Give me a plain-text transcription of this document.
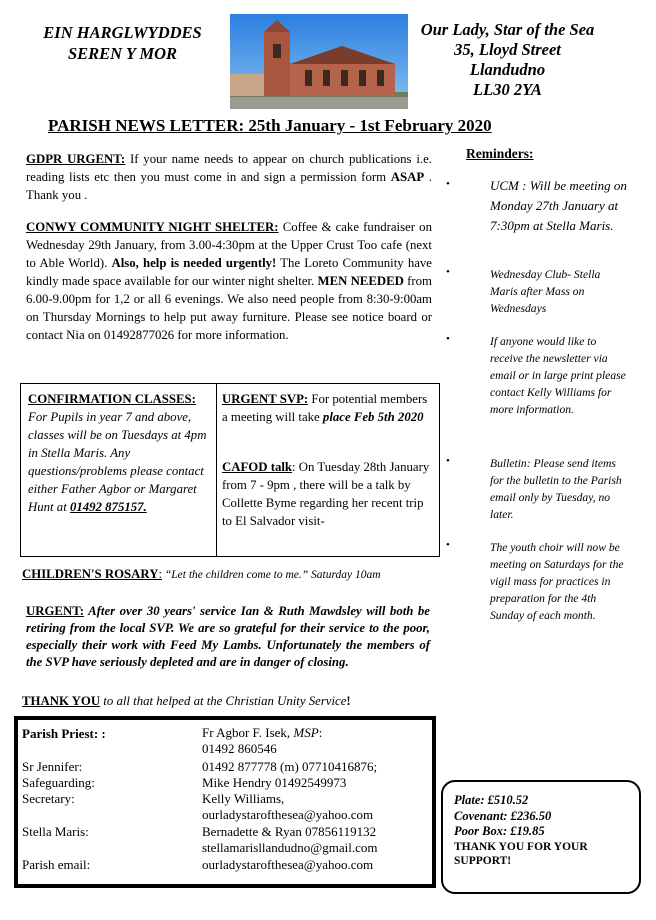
EIN HARGLWYDDES
SEREN Y MOR
Our Lady, Star of the Sea
35, Lloyd Street
Llandudno
LL30 2YA
PARISH NEWS LETTER: 25th January - 1st February 2020
GDPR URGENT: If your name needs to appear on church publications i.e. reading lists etc then you must come in and sign a permission form ASAP . Thank you .
CONWY COMMUNITY NIGHT SHELTER: Coffee & cake fundraiser on Wednesday 29th January, from 3.00-4:30pm at the Upper Crust Too cafe (next to Able World). Also, help is needed urgently! The Loreto Community have kindly made space available for our winter night shelter. MEN NEEDED from 6.00-9.00pm for 1,2 or all 6 evenings. We also need people from 8:30-9:00am on Thursday Mornings to help put away furniture. Please see notice board or contact Nia on 01492877026 for more information.
CONFIRMATION CLASSES: For Pupils in year 7 and above, classes will be on Tuesdays at 4pm in Stella Maris. Any questions/problems please contact either Father Agbor or Margaret Hunt at 01492 875157.
URGENT SVP: For potential members a meeting will take place Feb 5th 2020
CAFOD talk: On Tuesday 28th January from 7 - 9pm , there will be a talk by Collette Byme regarding her recent trip to El Salvador visit-
CHILDREN'S ROSARY: “Let the children come to me.” Saturday 10am
URGENT: After over 30 years' service Ian & Ruth Mawdsley will both be retiring from the local SVP. We are so grateful for their service to the poor, especially their work with Feed My Lambs. Unfortunately the members of the SVP have seriously depleted and are in danger of closing.
THANK YOU to all that helped at the Christian Unity Service!
Parish Priest: :	Fr Agbor F. Isek, MSP:
01492 860546
Sr Jennifer:	01492 877778 (m) 07710416876;
Safeguarding:	Mike Hendry 01492549973
Secretary:	Kelly Williams,
ourladystarofthesea@yahoo.com
Stella Maris:	Bernadette & Ryan 07856119132
stellamarisllandudno@gmail.com
Parish email:	ourladystarofthesea@yahoo.com
Reminders:
•	UCM : Will be meeting on Monday 27th January at 7:30pm at Stella Maris.
•	Wednesday Club- Stella Maris after Mass on Wednesdays
•	If anyone would like to receive the newsletter via email or in large print please contact Kelly Williams for more information.
•	Bulletin: Please send items for the bulletin to the Parish email only by Tuesday, no later.
•	The youth choir will now be meeting on Saturdays for the vigil mass for practices in preparation for the 4th Sunday of each month.
Plate: £510.52
Covenant: £236.50
Poor Box: £19.85
THANK YOU FOR YOUR SUPPORT!
